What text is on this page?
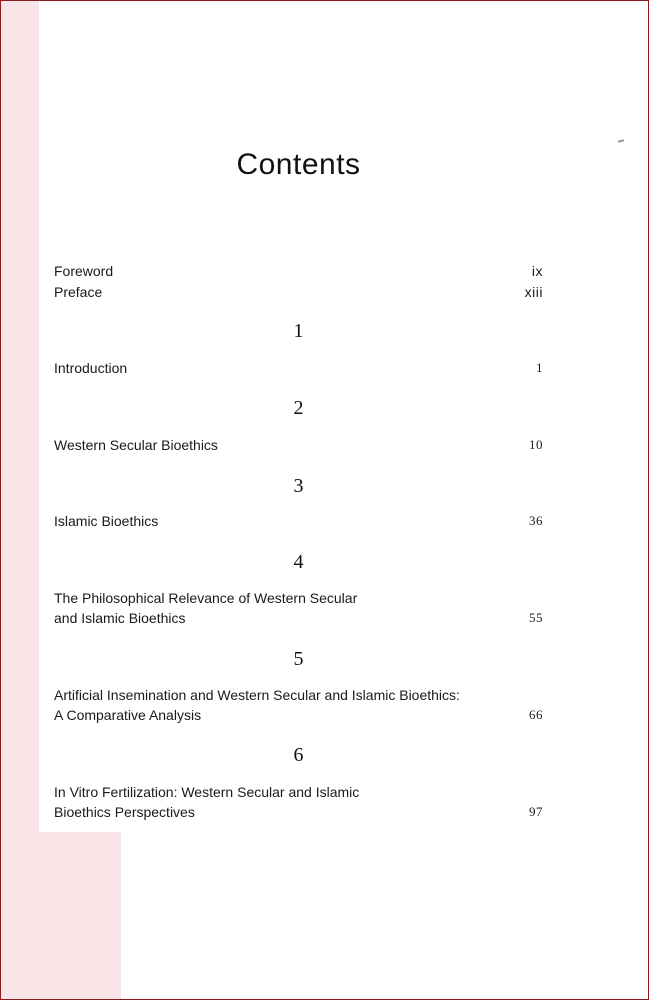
Contents
Foreword	ix
Preface	xiii
1
Introduction	1
2
Western Secular Bioethics	10
3
Islamic Bioethics	36
4
The Philosophical Relevance of Western Secular
and Islamic Bioethics	55
5
Artificial Insemination and Western Secular and Islamic Bioethics:
A Comparative Analysis	66
6
In Vitro Fertilization: Western Secular and Islamic
Bioethics Perspectives	97
